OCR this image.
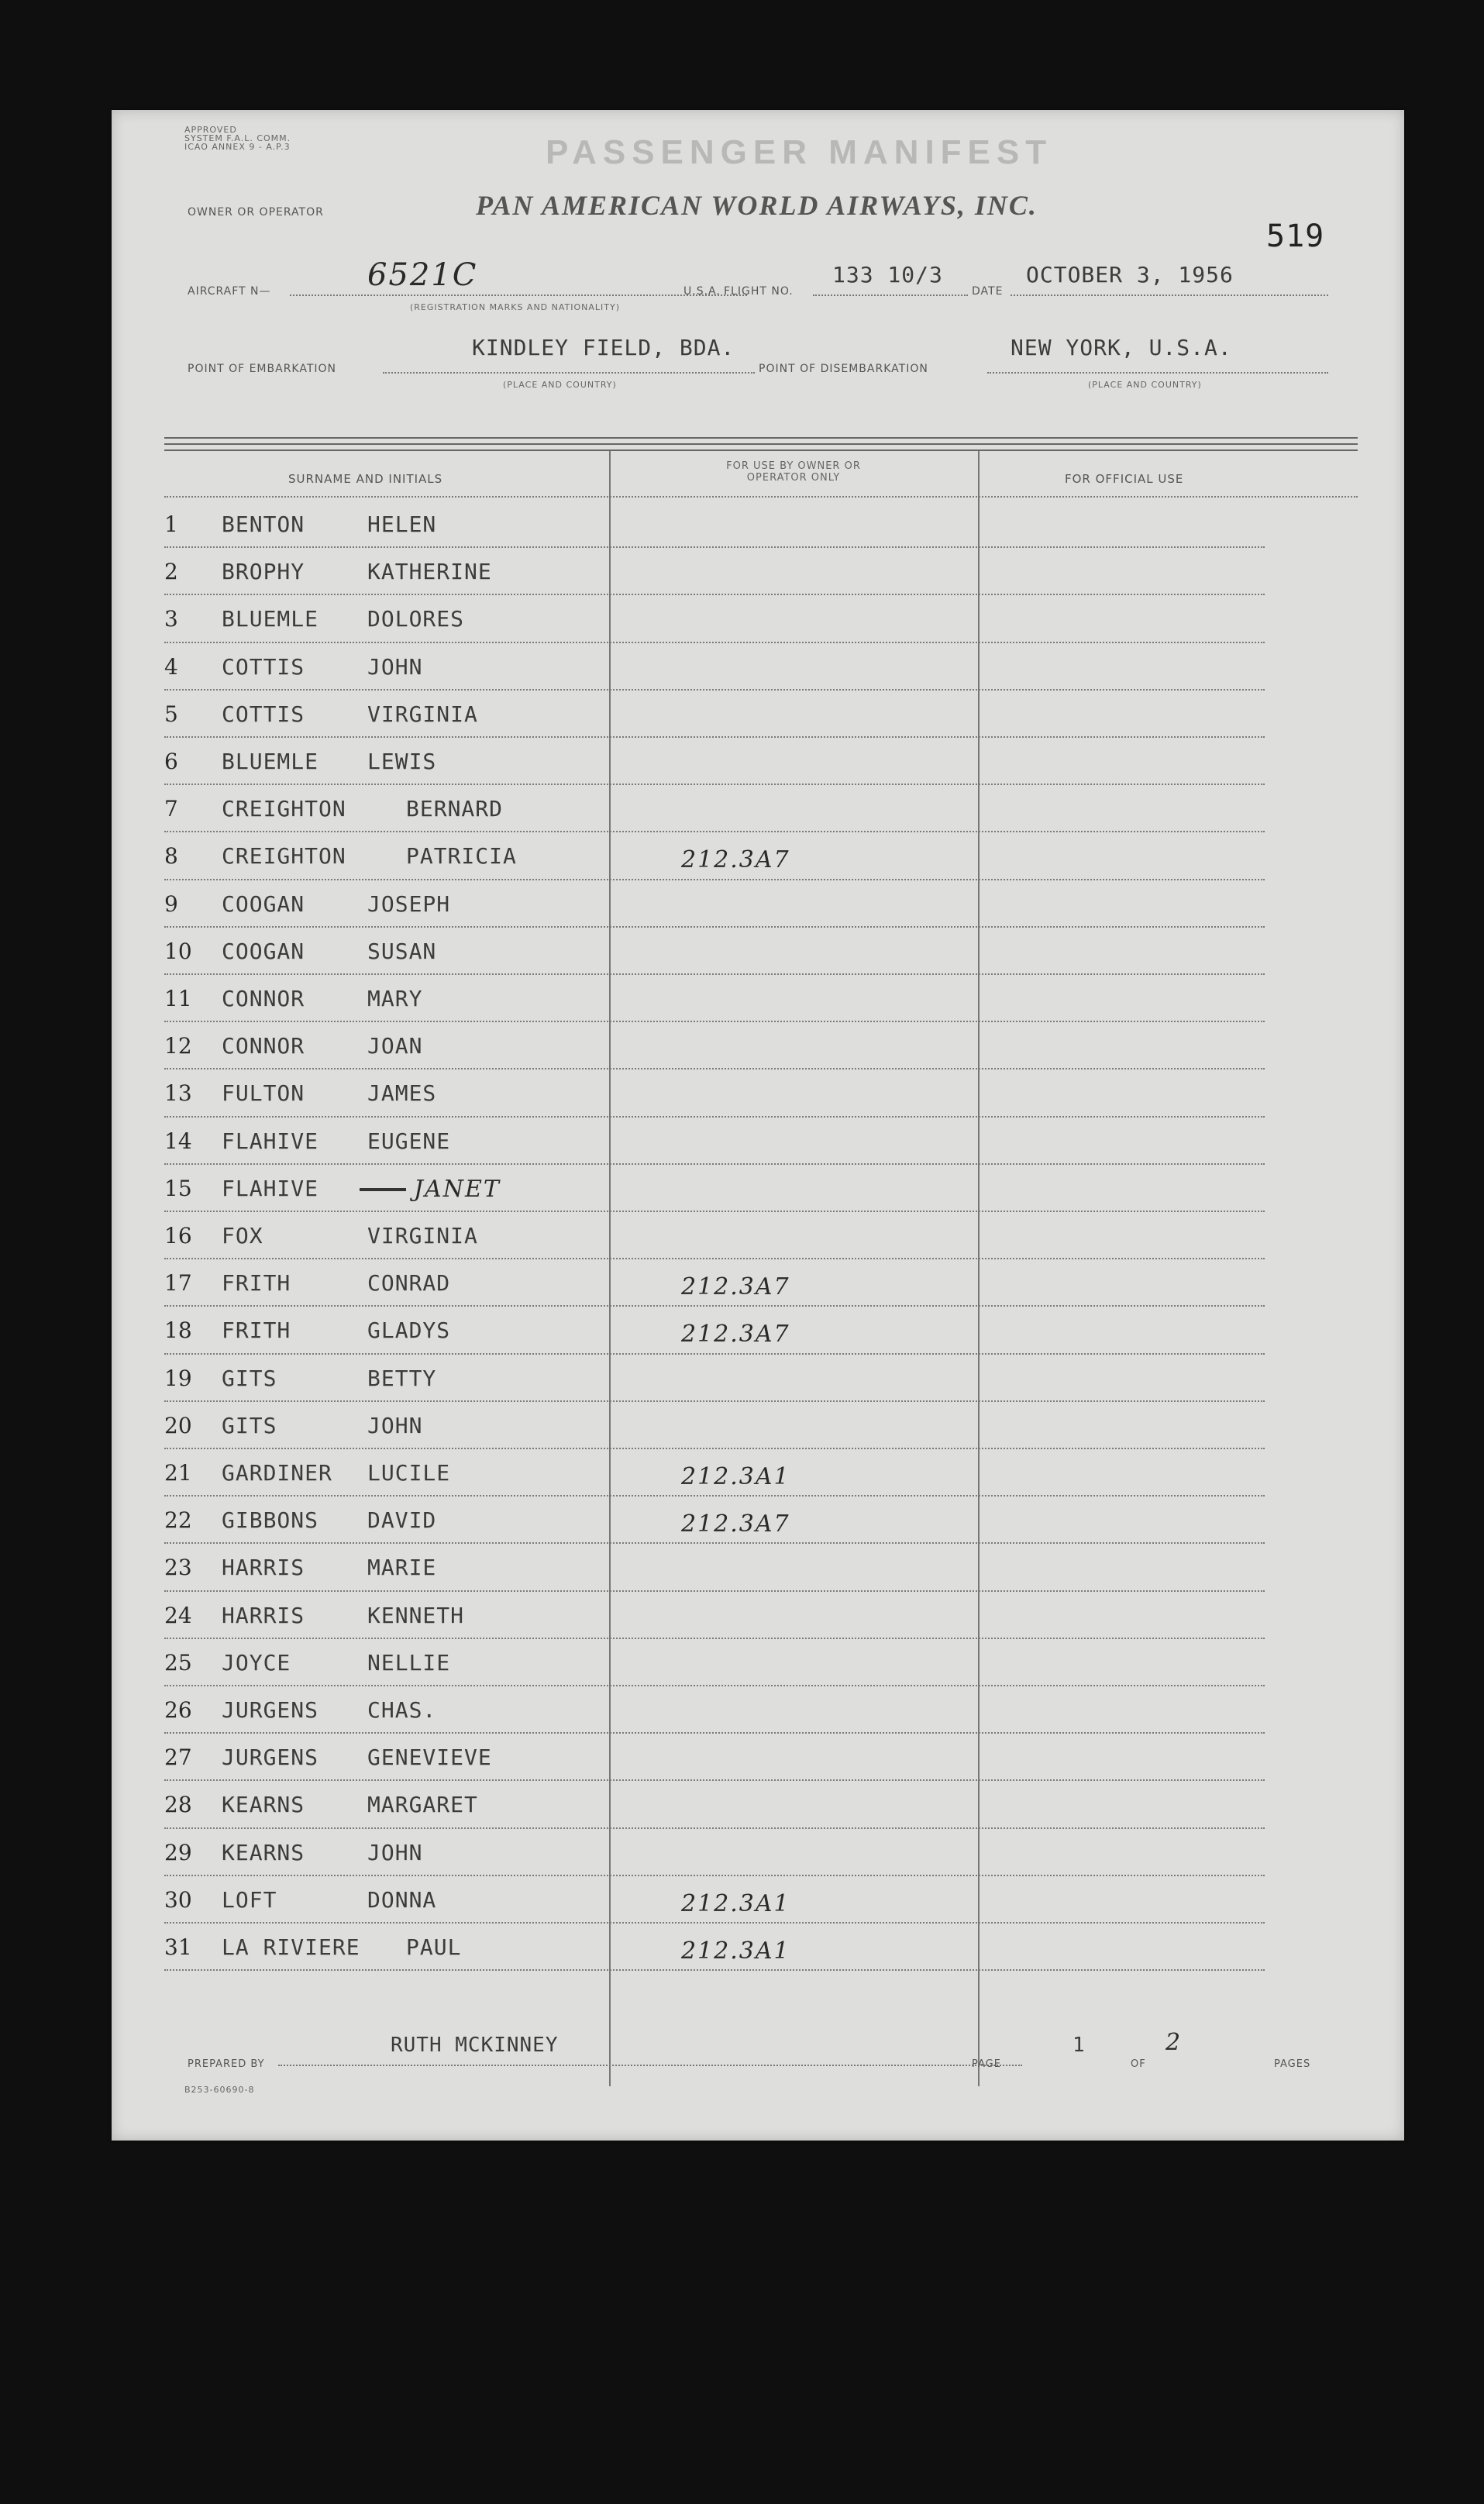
APPROVED
SYSTEM F.A.L. COMM.
ICAO ANNEX 9 - A.P.3	PASSENGER MANIFEST
OWNER OR OPERATOR	PAN AMERICAN WORLD AIRWAYS, INC.
519
AIRCRAFT N—	6521C
(REGISTRATION MARKS AND NATIONALITY)
U.S.A. FLIGHT NO.
133 10/3
DATE
OCTOBER 3, 1956
POINT OF EMBARKATION
KINDLEY FIELD, BDA.
(PLACE AND COUNTRY)
POINT OF DISEMBARKATION
NEW YORK, U.S.A.
(PLACE AND COUNTRY)
SURNAME AND INITIALS
FOR USE BY OWNER OR OPERATOR ONLY	FOR OFFICIAL USE
1 BENTON	HELEN
2 BROPHY	KATHERINE
3 BLUEMLE DOLORES
4 COTTIS	JOHN
5 COTTIS	VIRGINIA
6 BLUEMLE LEWIS
7 CREIGHTON	BERNARD
8 CREIGHTON	PATRICIA	212.3A7
9 COOGAN	JOSEPH
10 COOGAN	SUSAN
11 CONNOR	MARY
12 CONNOR	JOAN
13 FULTON	JAMES
14 FLAHIVE EUGENE
15 FLAHIVE	JANET
16 FOX	VIRGINIA
17 FRITH	CONRAD	212.3A7
18 FRITH	GLADYS	212.3A7
19 GITS	BETTY
20 GITS	JOHN
21 GARDINER LUCILE	212.3A1
22 GIBBONS DAVID	212.3A7
23 HARRIS	MARIE
24 HARRIS	KENNETH
25 JOYCE	NELLIE
26 JURGENS CHAS.
27 JURGENS GENEVIEVE
28 KEARNS	MARGARET
29 KEARNS	JOHN
30 LOFT	DONNA	212.3A1
31 LA RIVIERE PAUL	212.3A1
PREPARED BY
RUTH MCKINNEY
PAGE
1
OF
2
PAGES
B253-60690-8
